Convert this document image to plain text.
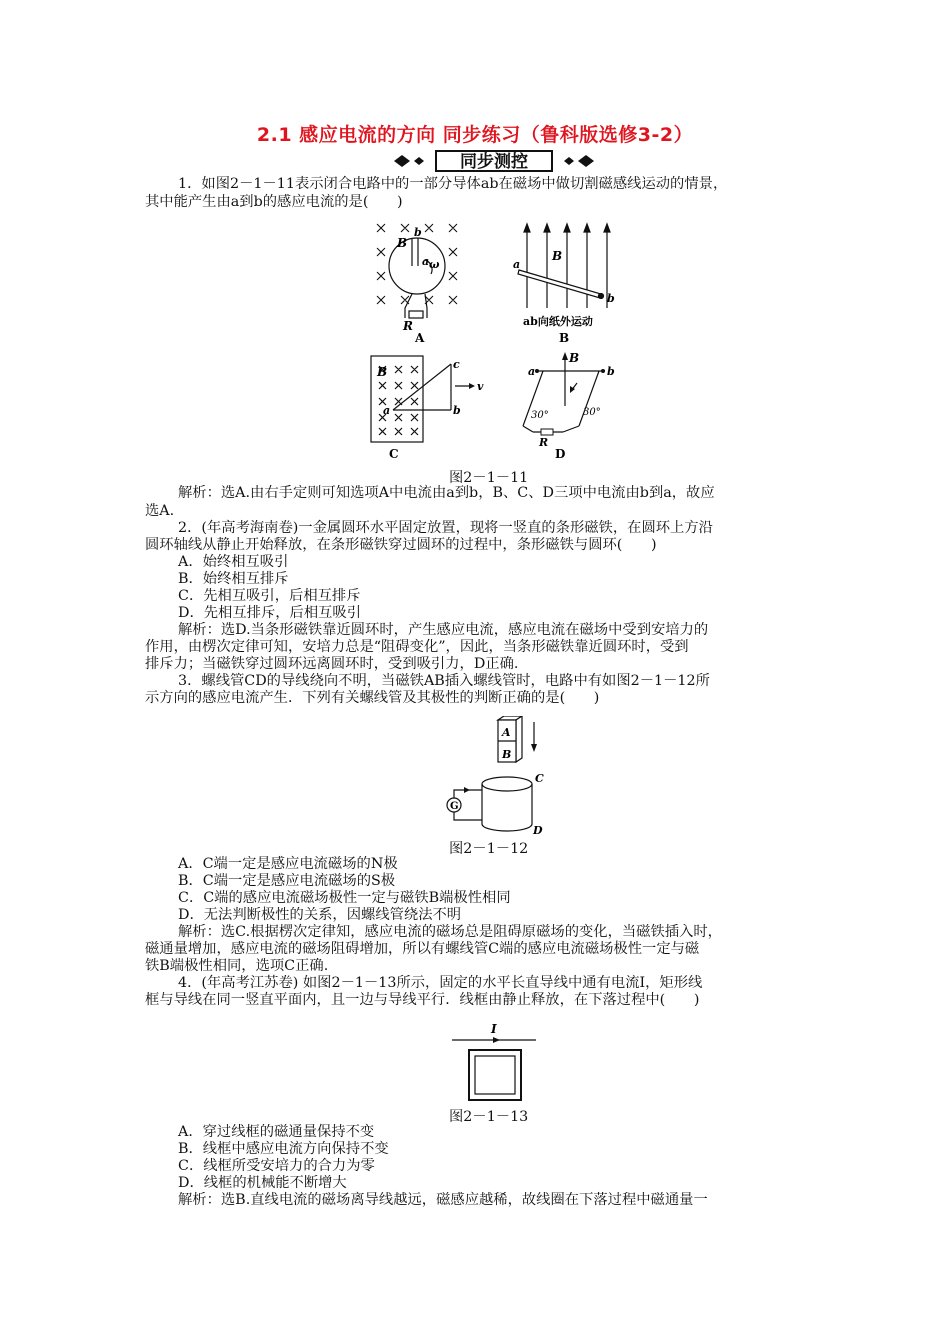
2.1 感应电流的方向 同步练习（鲁科版选修3-2）
同步测控
1．如图2－1－11表示闭合电路中的一部分导体ab在磁场中做切割磁感线运动的情景，
其中能产生由a到b的感应电流的是(　　)
B
b
a ω
R
A
a
b
B
ab向纸外运动
B
B
a
c
b
v
C
B
a	b
30°	30°
R
D
图2－1－11
解析：选A.由右手定则可知选项A中电流由a到b，B、C、D三项中电流由b到a，故应
选A.
2．(年高考海南卷)一金属圆环水平固定放置，现将一竖直的条形磁铁，在圆环上方沿
圆环轴线从静止开始释放，在条形磁铁穿过圆环的过程中，条形磁铁与圆环(　　)
A．始终相互吸引
B．始终相互排斥
C．先相互吸引，后相互排斥
D．先相互排斥，后相互吸引
解析：选D.当条形磁铁靠近圆环时，产生感应电流，感应电流在磁场中受到安培力的
作用，由楞次定律可知，安培力总是“阻碍变化”，因此，当条形磁铁靠近圆环时，受到
排斥力；当磁铁穿过圆环远离圆环时，受到吸引力，D正确.
3．螺线管CD的导线绕向不明，当磁铁AB插入螺线管时，电路中有如图2－1－12所
示方向的感应电流产生．下列有关螺线管及其极性的判断正确的是(　　)
A
B
G
C
D
图2－1－12
A．C端一定是感应电流磁场的N极
B．C端一定是感应电流磁场的S极
C．C端的感应电流磁场极性一定与磁铁B端极性相同
D．无法判断极性的关系，因螺线管绕法不明
解析：选C.根据楞次定律知，感应电流的磁场总是阻碍原磁场的变化，当磁铁插入时，
磁通量增加，感应电流的磁场阻碍增加，所以有螺线管C端的感应电流磁场极性一定与磁
铁B端极性相同，选项C正确.
4．(年高考江苏卷) 如图2－1－13所示，固定的水平长直导线中通有电流I，矩形线
框与导线在同一竖直平面内，且一边与导线平行．线框由静止释放，在下落过程中(　　)
I
图2－1－13
A．穿过线框的磁通量保持不变
B．线框中感应电流方向保持不变
C．线框所受安培力的合力为零
D．线框的机械能不断增大
解析：选B.直线电流的磁场离导线越远，磁感应越稀，故线圈在下落过程中磁通量一
